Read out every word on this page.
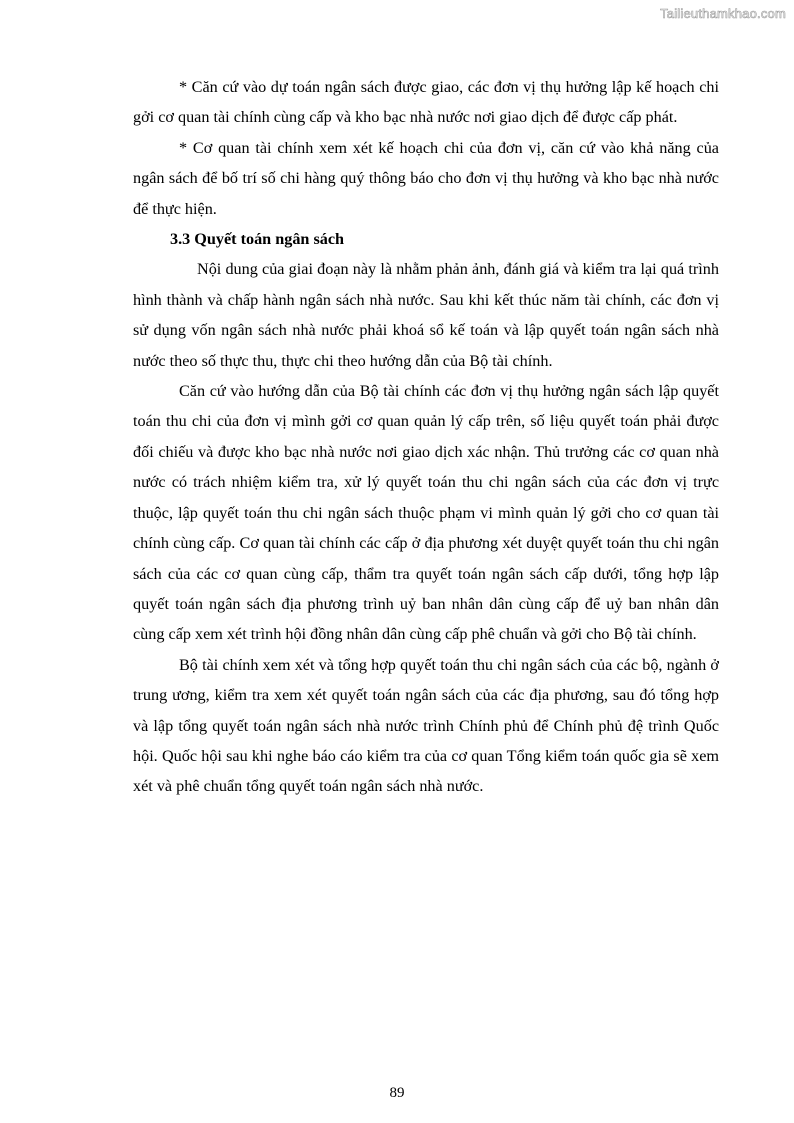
Tailieuthamkhao.com

* Căn cứ vào dự toán ngân sách được giao, các đơn vị thụ hưởng lập kế hoạch chi gởi cơ quan tài chính cùng cấp và kho bạc nhà nước nơi giao dịch để được cấp phát.

* Cơ quan tài chính xem xét kế hoạch chi của đơn vị, căn cứ vào khả năng của ngân sách để bố trí số chi hàng quý thông báo cho đơn vị thụ hưởng và kho bạc nhà nước để thực hiện.

3.3 Quyết toán ngân sách

Nội dung của giai đoạn này là nhằm phản ảnh, đánh giá và kiểm tra lại quá trình hình thành và chấp hành ngân sách nhà nước. Sau khi kết thúc năm tài chính, các đơn vị sử dụng vốn ngân sách nhà nước phải khoá sổ kế toán và lập quyết toán ngân sách nhà nước theo số thực thu, thực chi theo hướng dẫn của Bộ tài chính.

Căn cứ vào hướng dẫn của Bộ tài chính các đơn vị thụ hưởng ngân sách lập quyết toán thu chi của đơn vị mình gởi cơ quan quản lý cấp trên, số liệu quyết toán phải được đối chiếu và được kho bạc nhà nước nơi giao dịch xác nhận. Thủ trưởng các cơ quan nhà nước có trách nhiệm kiểm tra, xử lý quyết toán thu chi ngân sách của các đơn vị trực thuộc, lập quyết toán thu chi ngân sách thuộc phạm vi mình quản lý gởi cho cơ quan tài chính cùng cấp. Cơ quan tài chính các cấp ở địa phương xét duyệt quyết toán thu chi ngân sách của các cơ quan cùng cấp, thẩm tra quyết toán ngân sách cấp dưới, tổng hợp lập quyết toán ngân sách địa phương trình uỷ ban nhân dân cùng cấp để uỷ ban nhân dân cùng cấp xem xét trình hội đồng nhân dân cùng cấp phê chuẩn và gởi cho Bộ tài chính.

Bộ tài chính xem xét và tổng hợp quyết toán thu chi ngân sách của các bộ, ngành ở trung ương, kiểm tra xem xét quyết toán ngân sách của các địa phương, sau đó tổng hợp và lập tổng quyết toán ngân sách nhà nước trình Chính phủ để Chính phủ đệ trình Quốc hội. Quốc hội sau khi nghe báo cáo kiểm tra của cơ quan Tổng kiểm toán quốc gia sẽ xem xét và phê chuẩn tổng quyết toán ngân sách nhà nước.

89
